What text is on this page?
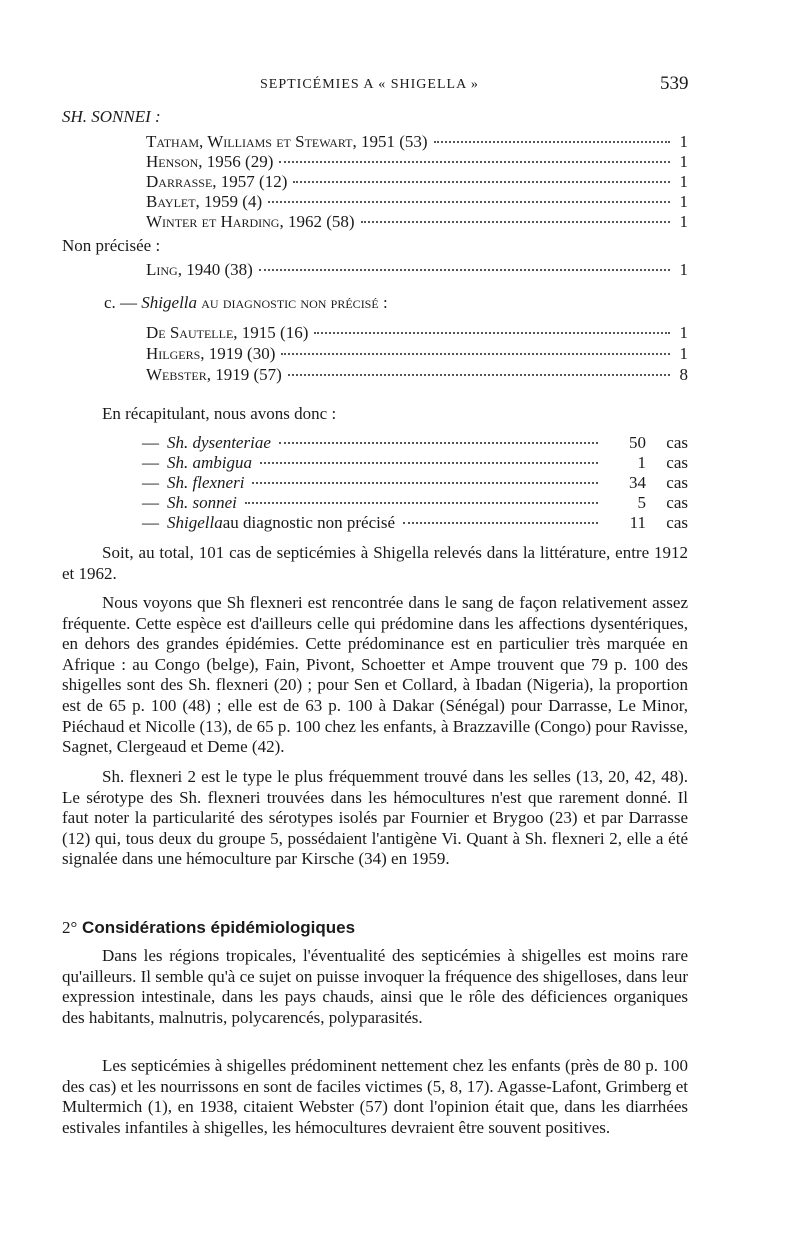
SEPTICÉMIES A « SHIGELLA »	539
SH. SONNEI :
Tatham, Williams et Stewart, 1951 (53)	1
Henson, 1956 (29)	1
Darrasse, 1957 (12)	1
Baylet, 1959 (4)	1
Winter et Harding, 1962 (58)	1
Non précisée :
Ling, 1940 (38)	1
c. — Shigella au diagnostic non précisé :
De Sautelle, 1915 (16)	1
Hilgers, 1919 (30)	1
Webster, 1919 (57)	8
En récapitulant, nous avons donc :
— Sh. dysenteriae	50	cas
— Sh. ambigua	1	cas
— Sh. flexneri	34	cas
— Sh. sonnei	5	cas
— Shigella au diagnostic non précisé	11	cas
Soit, au total, 101 cas de septicémies à Shigella relevés dans la littérature, entre 1912 et 1962.
Nous voyons que Sh flexneri est rencontrée dans le sang de façon relativement assez fréquente. Cette espèce est d'ailleurs celle qui prédomine dans les affections dysentériques, en dehors des grandes épidémies. Cette prédominance est en particulier très marquée en Afrique : au Congo (belge), Fain, Pivont, Schoetter et Ampe trouvent que 79 p. 100 des shigelles sont des Sh. flexneri (20) ; pour Sen et Collard, à Ibadan (Nigeria), la proportion est de 65 p. 100 (48) ; elle est de 63 p. 100 à Dakar (Sénégal) pour Darrasse, Le Minor, Piéchaud et Nicolle (13), de 65 p. 100 chez les enfants, à Brazzaville (Congo) pour Ravisse, Sagnet, Clergeaud et Deme (42).
Sh. flexneri 2 est le type le plus fréquemment trouvé dans les selles (13, 20, 42, 48). Le sérotype des Sh. flexneri trouvées dans les hémocultures n'est que rarement donné. Il faut noter la particularité des sérotypes isolés par Fournier et Brygoo (23) et par Darrasse (12) qui, tous deux du groupe 5, possédaient l'antigène Vi. Quant à Sh. flexneri 2, elle a été signalée dans une hémoculture par Kirsche (34) en 1959.
2° Considérations épidémiologiques
Dans les régions tropicales, l'éventualité des septicémies à shigelles est moins rare qu'ailleurs. Il semble qu'à ce sujet on puisse invoquer la fréquence des shigelloses, dans leur expression intestinale, dans les pays chauds, ainsi que le rôle des déficiences organiques des habitants, malnutris, polycarencés, polyparasités.
Les septicémies à shigelles prédominent nettement chez les enfants (près de 80 p. 100 des cas) et les nourrissons en sont de faciles victimes (5, 8, 17). Agasse-Lafont, Grimberg et Multermich (1), en 1938, citaient Webster (57) dont l'opinion était que, dans les diarrhées estivales infantiles à shigelles, les hémocultures devraient être souvent positives.
